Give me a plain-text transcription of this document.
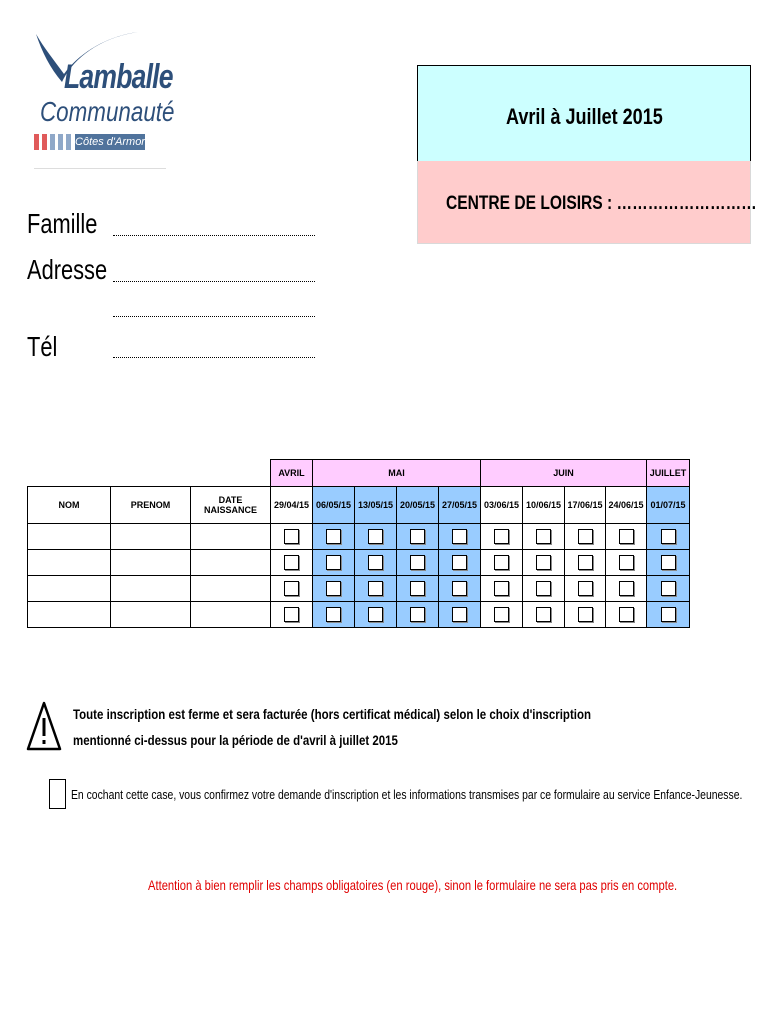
Lamballe
Communauté
Côtes d'Armor
Avril à Juillet 2015
CENTRE DE LOISIRS : ………………………
Famille
Adresse
Tél
			AVRIL	MAI				JUIN				JUILLET
NOM	PRENOM	DATE
NAISSANCE	29/04/15	06/05/15	13/05/15	20/05/15	27/05/15	03/06/15	10/06/15	17/06/15	24/06/15	01/07/15

Toute inscription est ferme et sera facturée (hors certificat médical) selon le choix d'inscription
mentionné ci-dessus pour la période de d'avril à juillet 2015
En cochant cette case, vous confirmez votre demande d'inscription et les informations transmises par ce formulaire au service Enfance-Jeunesse.
Attention à bien remplir les champs obligatoires (en rouge), sinon le formulaire ne sera pas pris en compte.
